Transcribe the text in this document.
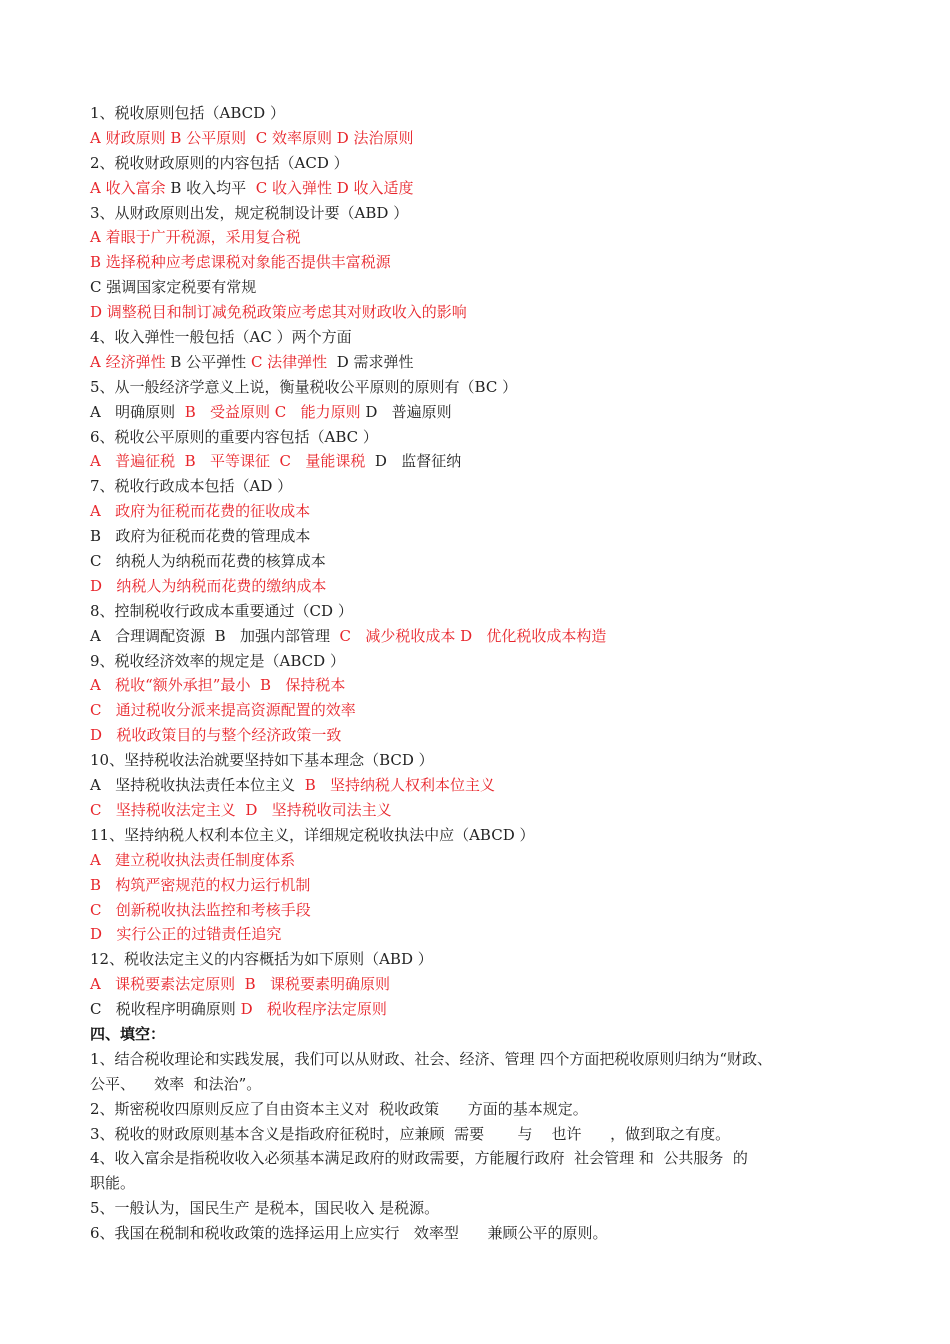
1、税收原则包括（ABCD ）
A 财政原则 B 公平原则  C 效率原则 D 法治原则
2、税收财政原则的内容包括（ACD ）
A 收入富余 B 收入均平  C 收入弹性 D 收入适度
3、从财政原则出发，规定税制设计要（ABD ）
A 着眼于广开税源，采用复合税
B 选择税种应考虑课税对象能否提供丰富税源
C 强调国家定税要有常规
D 调整税目和制订减免税政策应考虑其对财政收入的影响
4、收入弹性一般包括（AC ）两个方面
A 经济弹性 B 公平弹性 C 法律弹性  D 需求弹性
5、从一般经济学意义上说，衡量税收公平原则的原则有（BC ）
A   明确原则  B   受益原则 C   能力原则 D   普遍原则
6、税收公平原则的重要内容包括（ABC ）
A   普遍征税  B   平等课征  C   量能课税  D   监督征纳
7、税收行政成本包括（AD ）
A   政府为征税而花费的征收成本
B   政府为征税而花费的管理成本
C   纳税人为纳税而花费的核算成本
D   纳税人为纳税而花费的缴纳成本
8、控制税收行政成本重要通过（CD ）
A   合理调配资源  B   加强内部管理  C   减少税收成本 D   优化税收成本构造
9、税收经济效率的规定是（ABCD ）
A   税收“额外承担”最小  B   保持税本
C   通过税收分派来提高资源配置的效率
D   税收政策目的与整个经济政策一致
10、坚持税收法治就要坚持如下基本理念（BCD ）
A   坚持税收执法责任本位主义  B   坚持纳税人权利本位主义
C   坚持税收法定主义  D   坚持税收司法主义
11、坚持纳税人权利本位主义，详细规定税收执法中应（ABCD ）
A   建立税收执法责任制度体系
B   构筑严密规范的权力运行机制
C   创新税收执法监控和考核手段
D   实行公正的过错责任追究
12、税收法定主义的内容概括为如下原则（ABD ）
A   课税要素法定原则  B   课税要素明确原则
C   税收程序明确原则 D   税收程序法定原则
四、填空：
1、结合税收理论和实践发展，我们可以从财政、社会、经济、管理 四个方面把税收原则归纳为“财政、
公平、    效率  和法治”。
2、斯密税收四原则反应了自由资本主义对  税收政策      方面的基本规定。
3、税收的财政原则基本含义是指政府征税时，应兼顾  需要       与    也许      ，做到取之有度。
4、收入富余是指税收收入必须基本满足政府的财政需要，方能履行政府  社会管理 和  公共服务  的
职能。
5、一般认为，国民生产 是税本，国民收入 是税源。
6、我国在税制和税收政策的选择运用上应实行   效率型      兼顾公平的原则。
